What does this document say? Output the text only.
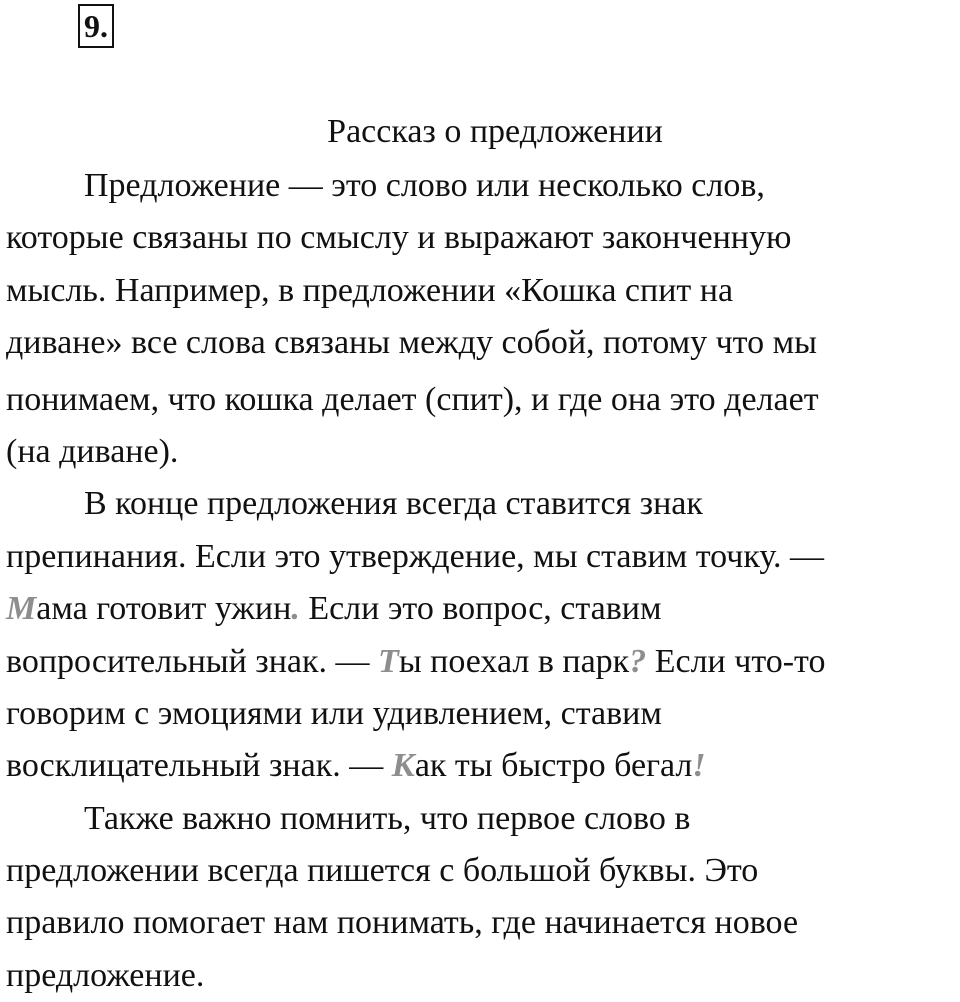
9.
Рассказ о предложении
Предложение — это слово или несколько слов,
которые связаны по смыслу и выражают законченную
мысль. Например, в предложении «Кошка спит на
диване» все слова связаны между собой, потому что мы
понимаем, что кошка делает (спит), и где она это делает
(на диване).
В конце предложения всегда ставится знак
препинания. Если это утверждение, мы ставим точку. —
Мама готовит ужин. Если это вопрос, ставим
вопросительный знак. — Ты поехал в парк? Если что-то
говорим с эмоциями или удивлением, ставим
восклицательный знак. — Как ты быстро бегал!
Также важно помнить, что первое слово в
предложении всегда пишется с большой буквы. Это
правило помогает нам понимать, где начинается новое
предложение.
